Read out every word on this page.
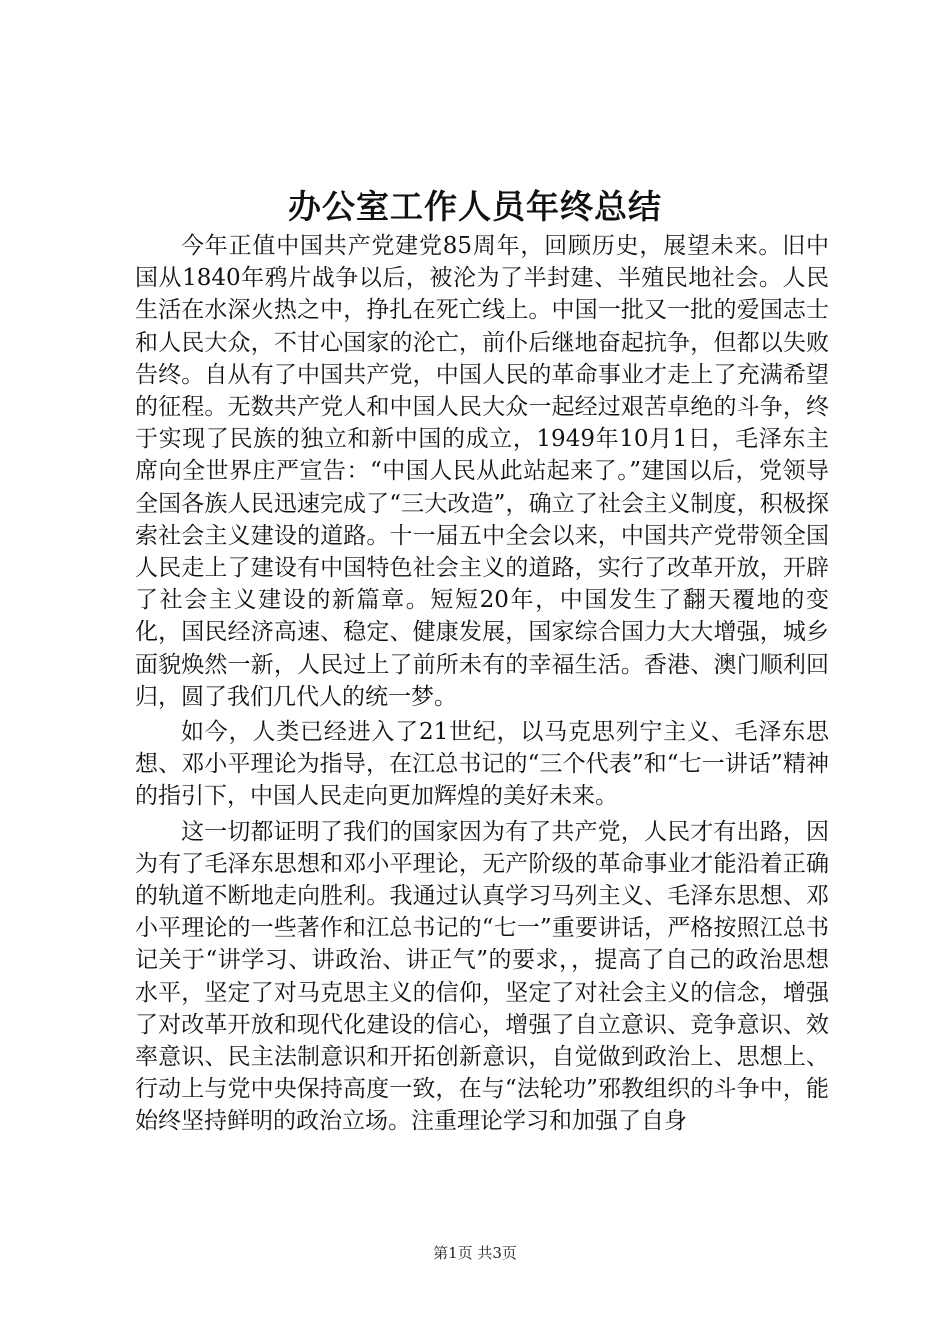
办公室工作人员年终总结

今年正值中国共产党建党85周年，回顾历史，展望未来。旧中国从1840年鸦片战争以后，被沦为了半封建、半殖民地社会。人民生活在水深火热之中，挣扎在死亡线上。中国一批又一批的爱国志士和人民大众，不甘心国家的沦亡，前仆后继地奋起抗争，但都以失败告终。自从有了中国共产党，中国人民的革命事业才走上了充满希望的征程。无数共产党人和中国人民大众一起经过艰苦卓绝的斗争，终于实现了民族的独立和新中国的成立，1949年10月1日，毛泽东主席向全世界庄严宣告：“中国人民从此站起来了。”建国以后，党领导全国各族人民迅速完成了“三大改造”，确立了社会主义制度，积极探索社会主义建设的道路。十一届五中全会以来，中国共产党带领全国人民走上了建设有中国特色社会主义的道路，实行了改革开放，开辟了社会主义建设的新篇章。短短20年，中国发生了翻天覆地的变化，国民经济高速、稳定、健康发展，国家综合国力大大增强，城乡面貌焕然一新，人民过上了前所未有的幸福生活。香港、澳门顺利回归，圆了我们几代人的统一梦。

如今，人类已经进入了21世纪，以马克思列宁主义、毛泽东思想、邓小平理论为指导，在江总书记的“三个代表”和“七一讲话”精神的指引下，中国人民走向更加辉煌的美好未来。

这一切都证明了我们的国家因为有了共产党，人民才有出路，因为有了毛泽东思想和邓小平理论，无产阶级的革命事业才能沿着正确的轨道不断地走向胜利。我通过认真学习马列主义、毛泽东思想、邓小平理论的一些著作和江总书记的“七一”重要讲话，严格按照江总书记关于“讲学习、讲政治、讲正气”的要求，，提高了自己的政治思想水平，坚定了对马克思主义的信仰，坚定了对社会主义的信念，增强了对改革开放和现代化建设的信心，增强了自立意识、竞争意识、效率意识、民主法制意识和开拓创新意识，自觉做到政治上、思想上、行动上与党中央保持高度一致，在与“法轮功”邪教组织的斗争中，能始终坚持鲜明的政治立场。注重理论学习和加强了自身

第1页 共3页
